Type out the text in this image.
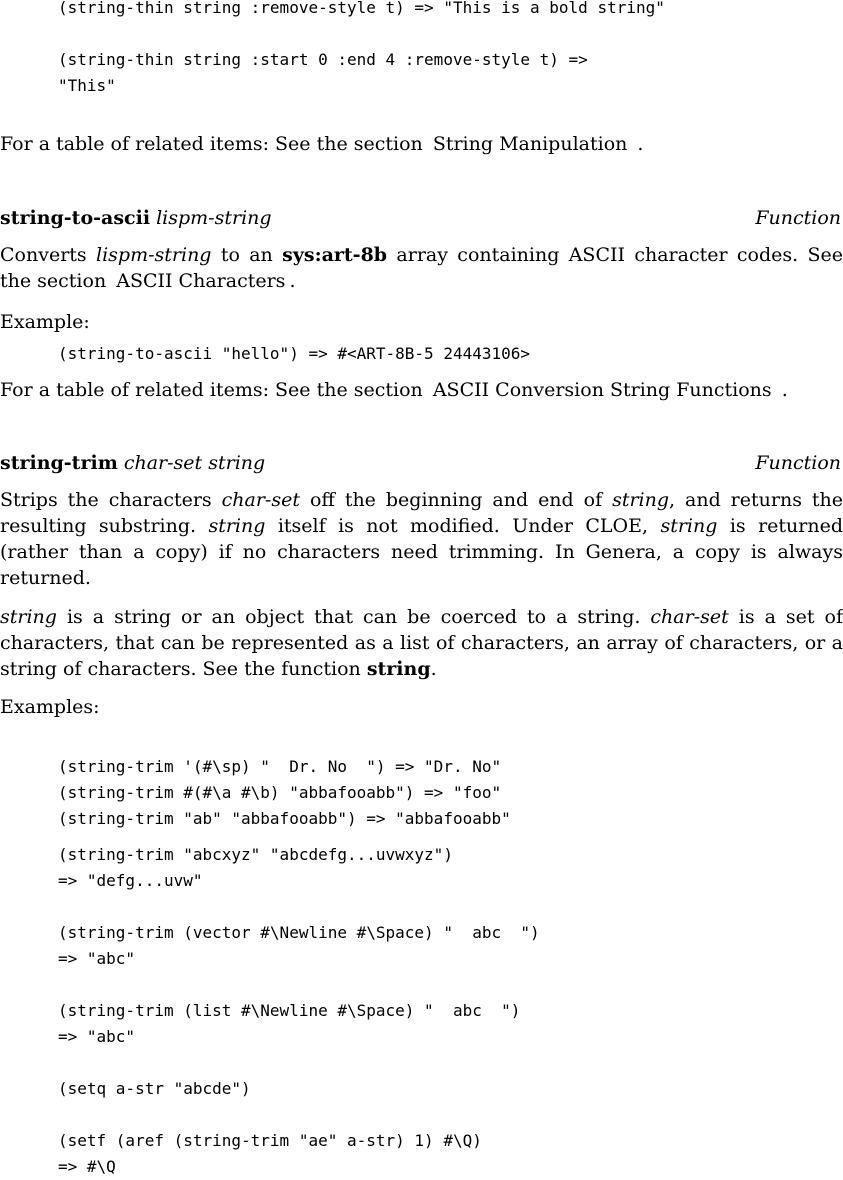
(string-thin string :remove-style t) => "This is a bold string"
(string-thin string :start 0 :end 4 :remove-style t) =>
"This"

For a table of related items: See the section String Manipulation .

string-to-ascii lispm-string	Function

Converts lispm-string to an sys:art-8b array containing ASCII character codes. See the section ASCII Characters .

Example:

(string-to-ascii "hello") => #<ART-8B-5 24443106>

For a table of related items: See the section ASCII Conversion String Functions .

string-trim char-set string	Function

Strips the characters char-set off the beginning and end of string, and returns the resulting substring. string itself is not modified. Under CLOE, string is returned (rather than a copy) if no characters need trimming. In Genera, a copy is always returned.

string is a string or an object that can be coerced to a string. char-set is a set of characters, that can be represented as a list of characters, an array of characters, or a string of characters. See the function string.

Examples:

(string-trim '(#\sp) "  Dr. No  ") => "Dr. No"
(string-trim #(#\a #\b) "abbafooabb") => "foo"
(string-trim "ab" "abbafooabb") => "abbafooabb"
(string-trim "abcxyz" "abcdefg...uvwxyz")
=> "defg...uvw"

(string-trim (vector #\Newline #\Space) "  abc  ")
=> "abc"

(string-trim (list #\Newline #\Space) "  abc  ")
=> "abc"

(setq a-str "abcde")

(setf (aref (string-trim "ae" a-str) 1) #\Q)
=> #\Q
